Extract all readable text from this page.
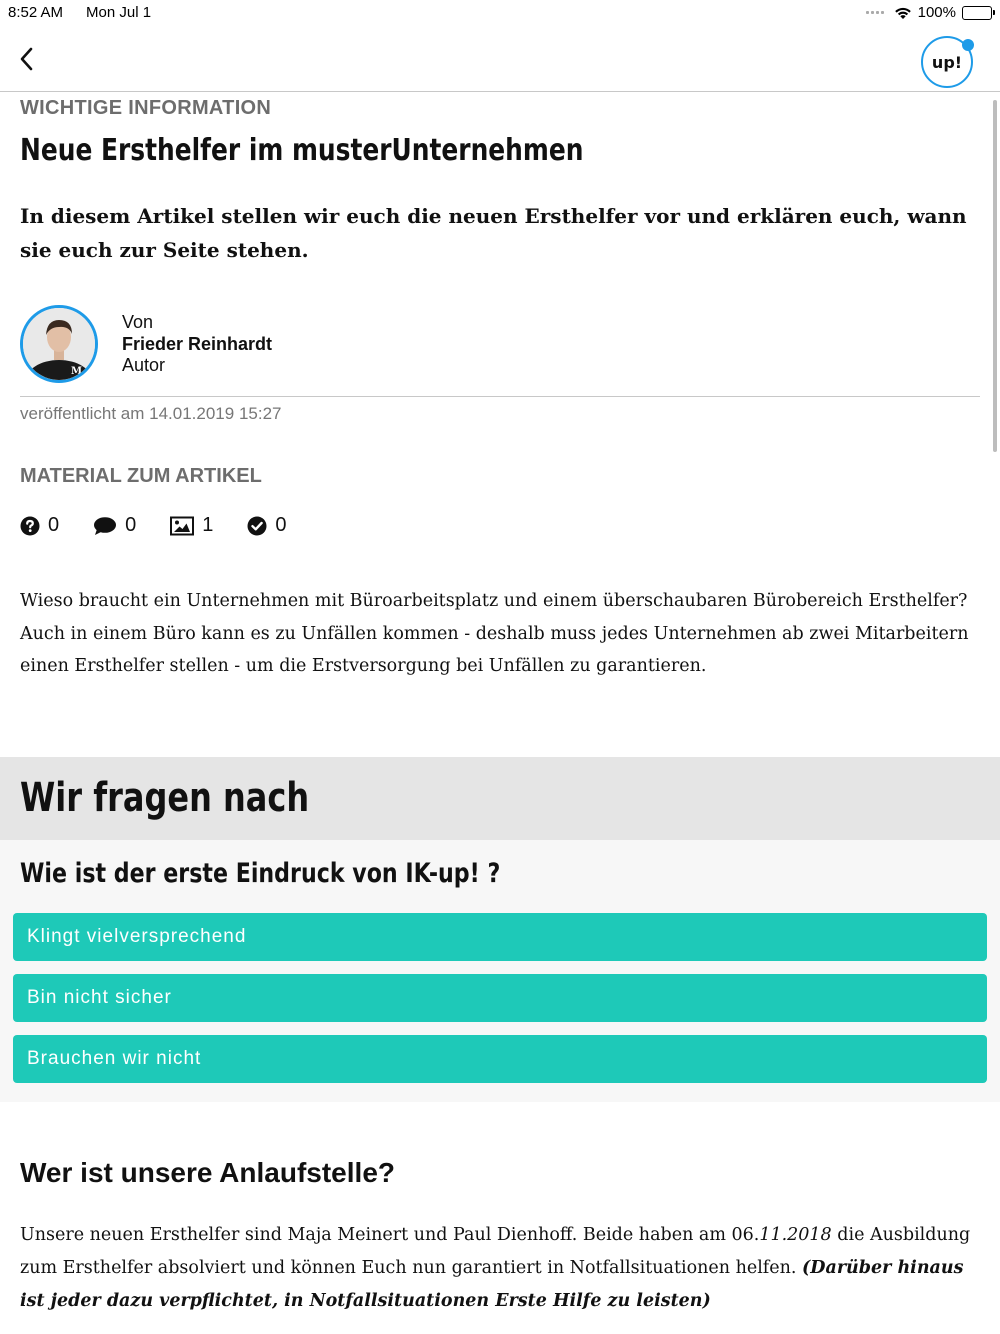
8:52 AM Mon Jul 1	100%
up!
WICHTIGE INFORMATION
Neue Ersthelfer im musterUnternehmen

In diesem Artikel stellen wir euch die neuen Ersthelfer vor und erklären euch, wann sie euch zur Seite stehen.

M
Von
Frieder Reinhardt
Autor
veröffentlicht am 14.01.2019 15:27
MATERIAL ZUM ARTIKEL
0	0	1	0

Wieso braucht ein Unternehmen mit Büroarbeitsplatz und einem überschaubaren Bürobereich Ersthelfer? Auch in einem Büro kann es zu Unfällen kommen - deshalb muss jedes Unternehmen ab zwei Mitarbeitern einen Ersthelfer stellen - um die Erstversorgung bei Unfällen zu garantieren.

Wir fragen nach
Wie ist der erste Eindruck von IK-up! ?
Klingt vielversprechend
Bin nicht sicher
Brauchen wir nicht
Wer ist unsere Anlaufstelle?

Unsere neuen Ersthelfer sind Maja Meinert und Paul Dienhoff. Beide haben am 06.11.2018 die Ausbildung zum Ersthelfer absolviert und können Euch nun garantiert in Notfallsituationen helfen. (Darüber hinaus ist jeder dazu verpflichtet, in Notfallsituationen Erste Hilfe zu leisten)
